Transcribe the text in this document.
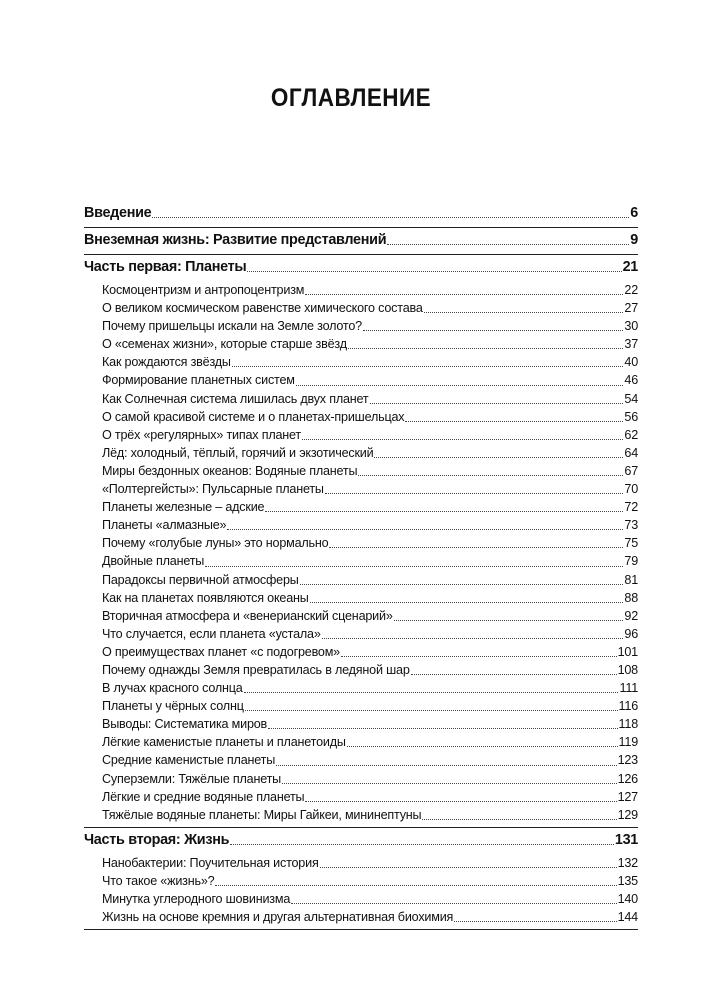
ОГЛАВЛЕНИЕ
Введение	6
Внеземная жизнь: Развитие представлений	9
Часть первая: Планеты	21
Космоцентризм и антропоцентризм	22
О великом космическом равенстве химического состава	27
Почему пришельцы искали на Земле золото?	30
О «семенах жизни», которые старше звёзд	37
Как рождаются звёзды	40
Формирование планетных систем	46
Как Солнечная система лишилась двух планет	54
О самой красивой системе и о планетах-пришельцах	56
О трёх «регулярных» типах планет	62
Лёд: холодный, тёплый, горячий и экзотический	64
Миры бездонных океанов: Водяные планеты	67
«Полтергейсты»: Пульсарные планеты	70
Планеты железные – адские	72
Планеты «алмазные»	73
Почему «голубые луны» это нормально	75
Двойные планеты	79
Парадоксы первичной атмосферы	81
Как на планетах появляются океаны	88
Вторичная атмосфера и «венерианский сценарий»	92
Что случается, если планета «устала»	96
О преимуществах планет «с подогревом»	101
Почему однажды Земля превратилась в ледяной шар	108
В лучах красного солнца	111
Планеты у чёрных солнц	116
Выводы: Систематика миров	118
Лёгкие каменистые планеты и планетоиды	119
Средние каменистые планеты	123
Суперземли: Тяжёлые планеты	126
Лёгкие и средние водяные планеты	127
Тяжёлые водяные планеты: Миры Гайкеи, мининептуны	129
Часть вторая: Жизнь	131
Нанобактерии: Поучительная история	132
Что такое «жизнь»?	135
Минутка углеродного шовинизма	140
Жизнь на основе кремния и другая альтернативная биохимия	144
